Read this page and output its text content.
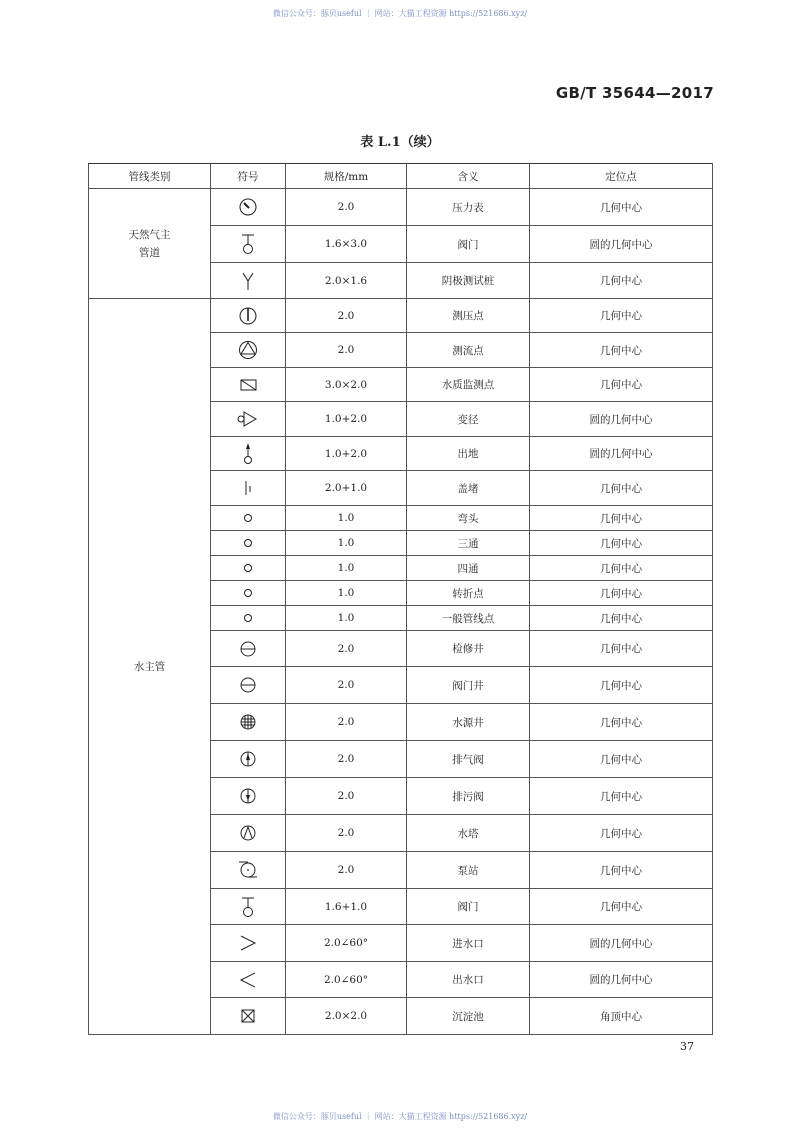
微信公众号：豚贝useful ｜ 网站：大猫工程资源 https://521686.xyz/
GB/T 35644—2017
表 L.1（续）
管线类别	符号	规格/mm	含义	定位点
天然气主
管道		2.0	压力表	几何中心

	1.6×3.0	阀门	圆的几何中心

	2.0×1.6	阴极测试桩	几何中心
水主管		2.0	测压点	几何中心

	2.0	测流点	几何中心

	3.0×2.0	水质监测点	几何中心

	1.0+2.0	变径	圆的几何中心

	1.0+2.0	出地	圆的几何中心

	2.0+1.0	盖堵	几何中心

	1.0	弯头	几何中心

	1.0	三通	几何中心

	1.0	四通	几何中心

	1.0	转折点	几何中心

	1.0	一般管线点	几何中心

	2.0	检修井	几何中心

	2.0	阀门井	几何中心

	2.0	水源井	几何中心

	2.0	排气阀	几何中心

	2.0	排污阀	几何中心

	2.0	水塔	几何中心

	2.0	泵站	几何中心

	1.6+1.0	阀门	几何中心

	2.0∠60°	进水口	圆的几何中心

	2.0∠60°	出水口	圆的几何中心

	2.0×2.0	沉淀池	角顶中心
37
微信公众号：豚贝useful ｜ 网站：大猫工程资源 https://521686.xyz/
